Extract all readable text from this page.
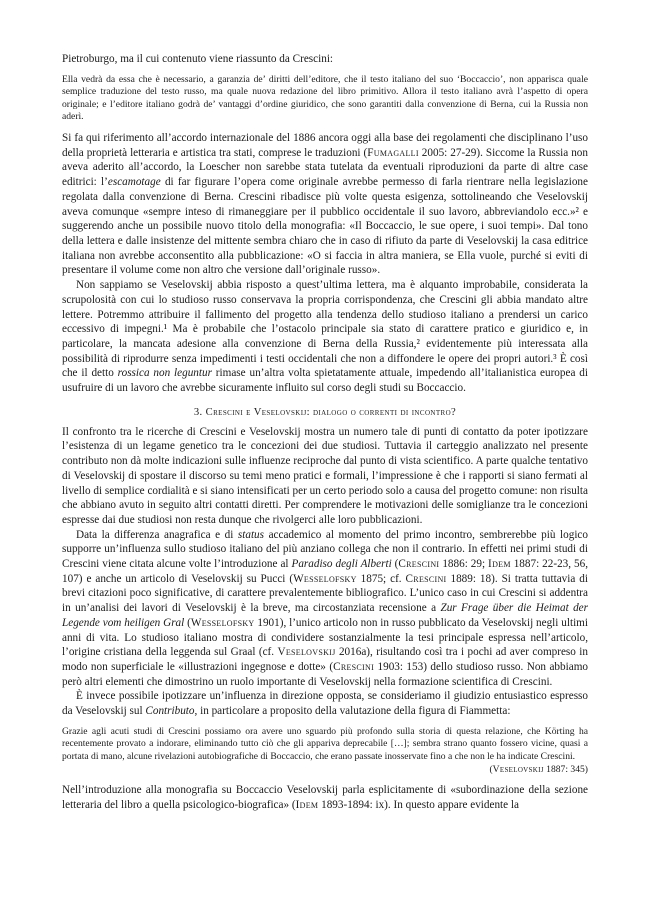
Pietroburgo, ma il cui contenuto viene riassunto da Crescini:

Ella vedrà da essa che è necessario, a garanzia de’ diritti dell’editore, che il testo italiano del suo ‘Boccaccio’, non apparisca quale semplice traduzione del testo russo, ma quale nuova redazione del libro primitivo. Allora il testo italiano avrà l’aspetto di opera originale; e l’editore italiano godrà de’ vantaggi d’ordine giuridico, che sono garantiti dalla convenzione di Berna, cui la Russia non aderì.

Si fa qui riferimento all’accordo internazionale del 1886 ancora oggi alla base dei regolamenti che disciplinano l’uso della proprietà letteraria e artistica tra stati, comprese le traduzioni (Fumagalli 2005: 27-29). Siccome la Russia non aveva aderito all’accordo, la Loescher non sarebbe stata tutelata da eventuali riproduzioni da parte di altre case editrici: l’escamotage di far figurare l’opera come originale avrebbe permesso di farla rientrare nella legislazione regolata dalla convenzione di Berna. Crescini ribadisce più volte questa esigenza, sottolineando che Veselovskij aveva comunque «sempre inteso di rimaneggiare per il pubblico occidentale il suo lavoro, abbreviandolo ecc.»² e suggerendo anche un possibile nuovo titolo della monografia: «Il Boccaccio, le sue opere, i suoi tempi». Dal tono della lettera e dalle insistenze del mittente sembra chiaro che in caso di rifiuto da parte di Veselovskij la casa editrice italiana non avrebbe acconsentito alla pubblicazione: «O si faccia in altra maniera, se Ella vuole, purché si eviti di presentare il volume come non altro che versione dall’originale russo».

Non sappiamo se Veselovskij abbia risposto a quest’ultima lettera, ma è alquanto improbabile, considerata la scrupolosità con cui lo studioso russo conservava la propria corrispondenza, che Crescini gli abbia mandato altre lettere. Potremmo attribuire il fallimento del progetto alla tendenza dello studioso italiano a prendersi un carico eccessivo di impegni.¹ Ma è probabile che l’ostacolo principale sia stato di carattere pratico e giuridico e, in particolare, la mancata adesione alla convenzione di Berna della Russia,² evidentemente più interessata alla possibilità di riprodurre senza impedimenti i testi occidentali che non a diffondere le opere dei propri autori.³ È così che il detto rossica non leguntur rimase un’altra volta spietatamente attuale, impedendo all’italianistica europea di usufruire di un lavoro che avrebbe sicuramente influito sul corso degli studi su Boccaccio.

3. Crescini e Veselovskij: dialogo o correnti di incontro?

Il confronto tra le ricerche di Crescini e Veselovskij mostra un numero tale di punti di contatto da poter ipotizzare l’esistenza di un legame genetico tra le concezioni dei due studiosi. Tuttavia il carteggio analizzato nel presente contributo non dà molte indicazioni sulle influenze reciproche dal punto di vista scientifico. A parte qualche tentativo di Veselovskij di spostare il discorso su temi meno pratici e formali, l’impressione è che i rapporti si siano fermati al livello di semplice cordialità e si siano intensificati per un certo periodo solo a causa del progetto comune: non risulta che abbiano avuto in seguito altri contatti diretti. Per comprendere le motivazioni delle somiglianze tra le concezioni espresse dai due studiosi non resta dunque che rivolgerci alle loro pubblicazioni.

Data la differenza anagrafica e di status accademico al momento del primo incontro, sembrerebbe più logico supporre un’influenza sullo studioso italiano del più anziano collega che non il contrario. In effetti nei primi studi di Crescini viene citata alcune volte l’introduzione al Paradiso degli Alberti (Crescini 1886: 29; Idem 1887: 22-23, 56, 107) e anche un articolo di Veselovskij su Pucci (Wesselofsky 1875; cf. Crescini 1889: 18). Si tratta tuttavia di brevi citazioni poco significative, di carattere prevalentemente bibliografico. L’unico caso in cui Crescini si addentra in un’analisi dei lavori di Veselovskij è la breve, ma circostanziata recensione a Zur Frage über die Heimat der Legende vom heiligen Gral (Wesselofsky 1901), l’unico articolo non in russo pubblicato da Veselovskij negli ultimi anni di vita. Lo studioso italiano mostra di condividere sostanzialmente la tesi principale espressa nell’articolo, l’origine cristiana della leggenda sul Graal (cf. Veselovskij 2016a), risultando così tra i pochi ad aver compreso in modo non superficiale le «illustrazioni ingegnose e dotte» (Crescini 1903: 153) dello studioso russo. Non abbiamo però altri elementi che dimostrino un ruolo importante di Veselovskij nella formazione scientifica di Crescini.

È invece possibile ipotizzare un’influenza in direzione opposta, se consideriamo il giudizio entusiastico espresso da Veselovskij sul Contributo, in particolare a proposito della valutazione della figura di Fiammetta:

Grazie agli acuti studi di Crescini possiamo ora avere uno sguardo più profondo sulla storia di questa relazione, che Körting ha recentemente provato a indorare, eliminando tutto ciò che gli appariva deprecabile […]; sembra strano quanto fossero vicine, quasi a portata di mano, alcune rivelazioni autobiografiche di Boccaccio, che erano passate inosservate fino a che non le ha indicate Crescini.

(Veselovskij 1887: 345)

Nell’introduzione alla monografia su Boccaccio Veselovskij parla esplicitamente di «subordinazione della sezione letteraria del libro a quella psicologico-biografica» (Idem 1893-1894: ix). In questo appare evidente la
